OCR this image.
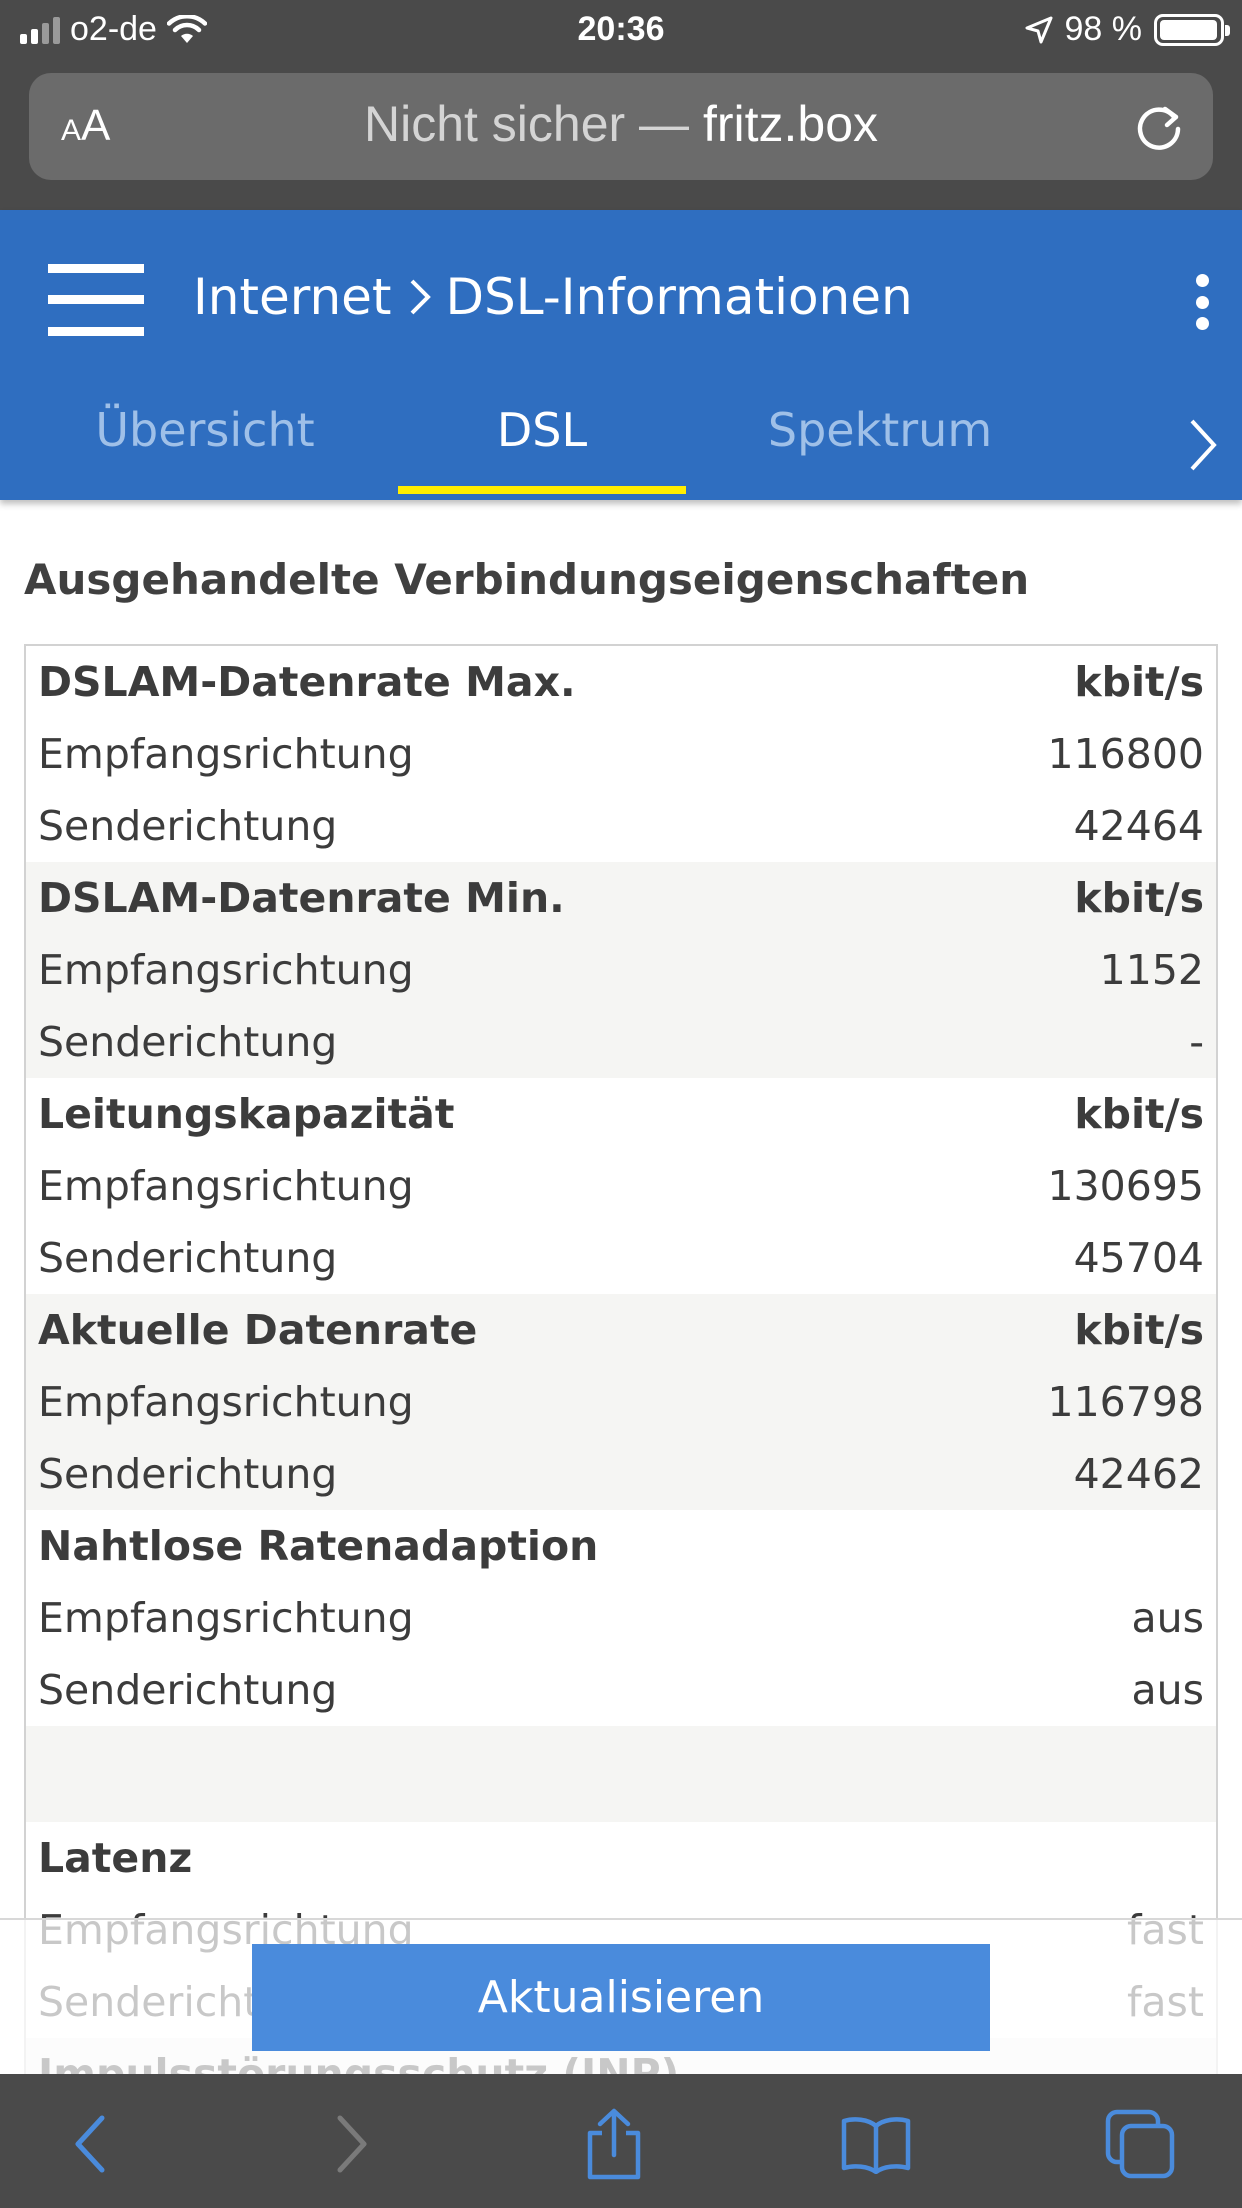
o2-de	20:36	98 %
AA	Nicht sicher — fritz.box
Internet DSL-Informationen
Übersicht	DSL	Spektrum
Ausgehandelte Verbindungseigenschaften
DSLAM-Datenrate Max.	kbit/s
Empfangsrichtung	116800
Senderichtung	42464
DSLAM-Datenrate Min.	kbit/s
Empfangsrichtung	1152
Senderichtung	-
Leitungskapazität	kbit/s
Empfangsrichtung	130695
Senderichtung	45704
Aktuelle Datenrate	kbit/s
Empfangsrichtung	116798
Senderichtung	42462
Nahtlose Ratenadaption
Empfangsrichtung	aus
Senderichtung	aus
Latenz
Aktualisieren
